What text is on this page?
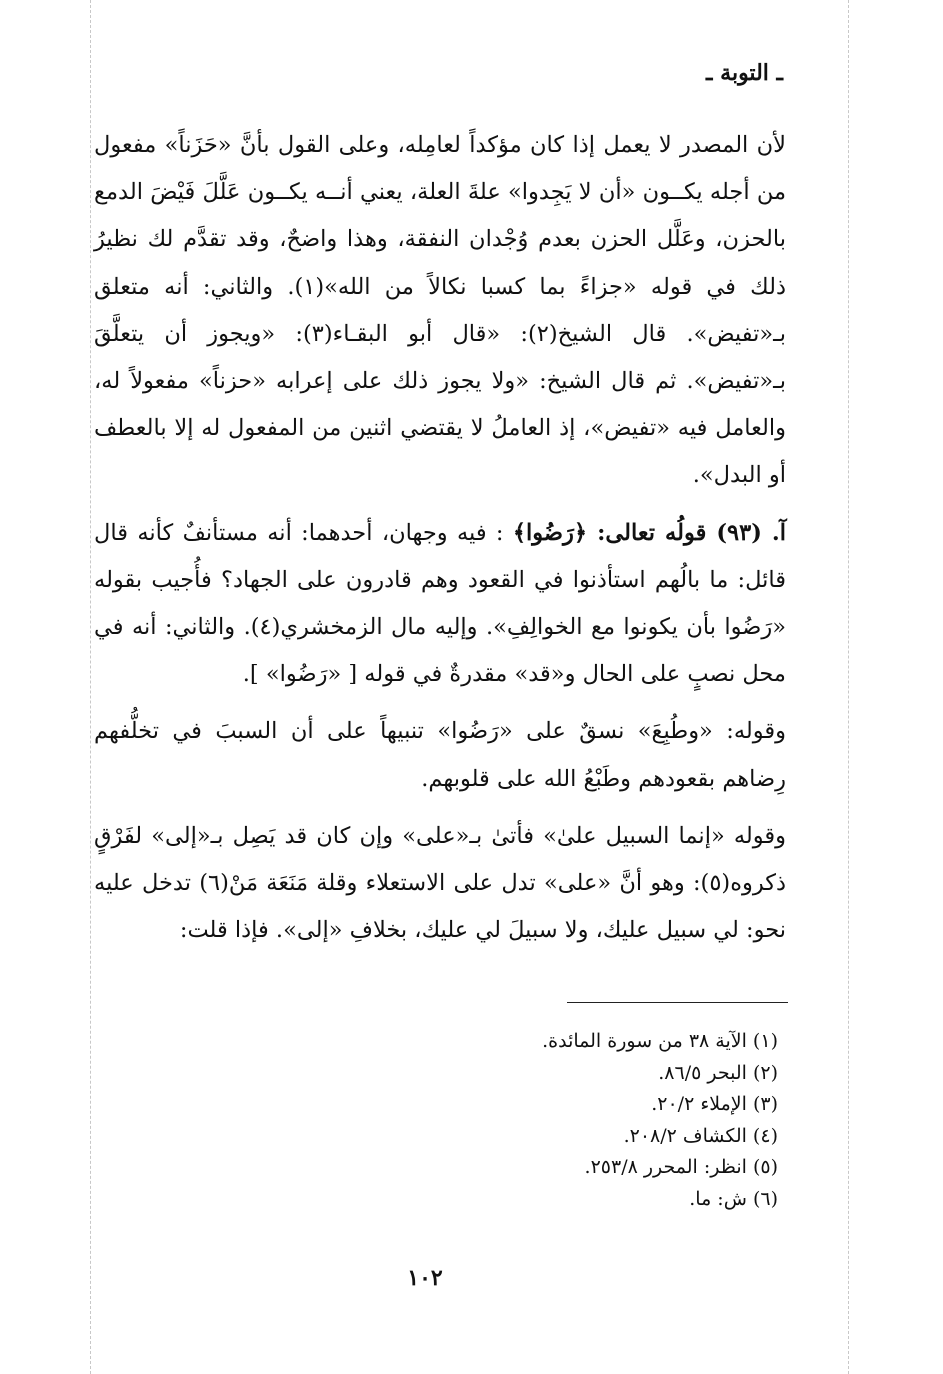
ـ التوبة ـ

لأن المصدر لا يعمل إذا كان مؤكداً لعامِله، وعلى القول بأنَّ «حَزَناً» مفعول من أجله يكــون «أن لا يَجِدوا» علةَ العلة، يعني أنــه يكــون عَلَّلَ فَيْضَ الدمع بالحزن، وعَلَّل الحزن بعدم وُجْدان النفقة، وهذا واضحٌ، وقد تقدَّم لك نظيرُ ذلك في قوله «جزاءً بما كسبا نكالاً من الله»(١). والثاني: أنه متعلق بـ«تفيض». قال الشيخ(٢): «قال أبو البقـاء(٣): «ويجوز أن يتعلَّقَ بـ«تفيض». ثم قال الشيخ: «ولا يجوز ذلك على إعرابه «حزناً» مفعولاً له، والعامل فيه «تفيض»، إذ العاملُ لا يقتضي اثنين من المفعول له إلا بالعطف أو البدل».

آ. (٩٣) قولُه تعالى: ﴿رَضُوا﴾ : فيه وجهان، أحدهما: أنه مستأنفٌ كأنه قال قائل: ما بالُهم استأذنوا في القعود وهم قادرون على الجهاد؟ فأُجيب بقوله «رَضُوا بأن يكونوا مع الخوالِفِ». وإليه مال الزمخشري(٤). والثاني: أنه في محل نصبٍ على الحال و«قد» مقدرةٌ في قوله [ «رَضُوا» ].

وقوله: «وطُبِعَ» نسقٌ على «رَضُوا» تنبيهاً على أن السببَ في تخلُّفهم رِضاهم بقعودهم وطَبْعُ الله على قلوبهم.

وقوله «إنما السبيل علىٰ» فأتىٰ بـ«على» وإن كان قد يَصِل بـ«إلى» لفَرْقٍ ذكروه(٥): وهو أنَّ «على» تدل على الاستعلاء وقلة مَنَعَة مَنْ(٦) تدخل عليه نحو: لي سبيل عليك، ولا سبيلَ لي عليك، بخلافِ «إلى». فإذا قلت:

(١) الآية ٣٨ من سورة المائدة.
(٢) البحر ٨٦/٥.
(٣) الإملاء ٢٠/٢.
(٤) الكشاف ٢٠٨/٢.
(٥) انظر: المحرر ٢٥٣/٨.
(٦) ش: ما.
١٠٢
